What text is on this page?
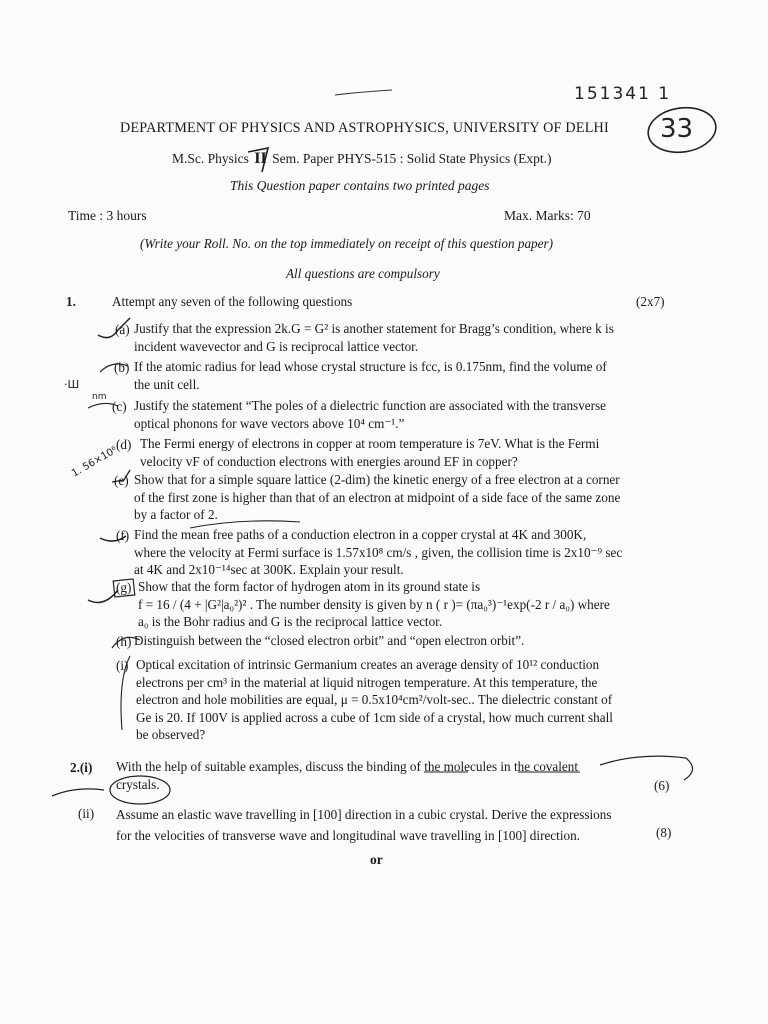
151341 1
33
·Ш
nm
1. 56×10⁶
DEPARTMENT OF PHYSICS AND ASTROPHYSICS, UNIVERSITY OF DELHI
M.Sc. Physics II Sem. Paper PHYS-515 : Solid State Physics (Expt.)
This Question paper contains two printed pages
Time : 3 hours	Max. Marks: 70
(Write your Roll. No. on the top immediately on receipt of this question paper)
All questions are compulsory
1.	Attempt any seven of the following questions	(2x7)
(a) Justify that the expression 2k.G = G² is another statement for Bragg’s condition, where k is
incident wavevector and G is reciprocal lattice vector.
(b) If the atomic radius for lead whose crystal structure is fcc, is 0.175nm, find the volume of
the unit cell.
(c) Justify the statement “The poles of a dielectric function are associated with the transverse
optical phonons for wave vectors above 10⁴ cm⁻¹.”
(d) The Fermi energy of electrons in copper at room temperature is 7eV. What is the Fermi
velocity vF of conduction electrons with energies around EF in copper?
(e) Show that for a simple square lattice (2-dim) the kinetic energy of a free electron at a corner
of the first zone is higher than that of an electron at midpoint of a side face of the same zone
by a factor of 2.
(f) Find the mean free paths of a conduction electron in a copper crystal at 4K and 300K,
where the velocity at Fermi surface is 1.57x10⁸ cm/s , given, the collision time is 2x10⁻⁹ sec
at 4K and 2x10⁻¹⁴sec at 300K. Explain your result.
(g) Show that the form factor of hydrogen atom in its ground state is
f = 16 / (4 + |G²|a₀²)² . The number density is given by n ( r )= (πa₀³)⁻¹exp(-2 r / a₀) where
a₀ is the Bohr radius and G is the reciprocal lattice vector.
(h) Distinguish between the “closed electron orbit” and “open electron orbit”.
(i) Optical excitation of intrinsic Germanium creates an average density of 10¹² conduction
electrons per cm³ in the material at liquid nitrogen temperature. At this temperature, the
electron and hole mobilities are equal, μ = 0.5x10⁴cm²/volt-sec.. The dielectric constant of
Ge is 20. If 100V is applied across a cube of 1cm side of a crystal, how much current shall
be observed?
2.(i) With the help of suitable examples, discuss the binding of the molecules in the covalent
crystals.	(6)
(ii) Assume an elastic wave travelling in [100] direction in a cubic crystal. Derive the expressions
for the velocities of transverse wave and longitudinal wave travelling in [100] direction.	(8)
or
